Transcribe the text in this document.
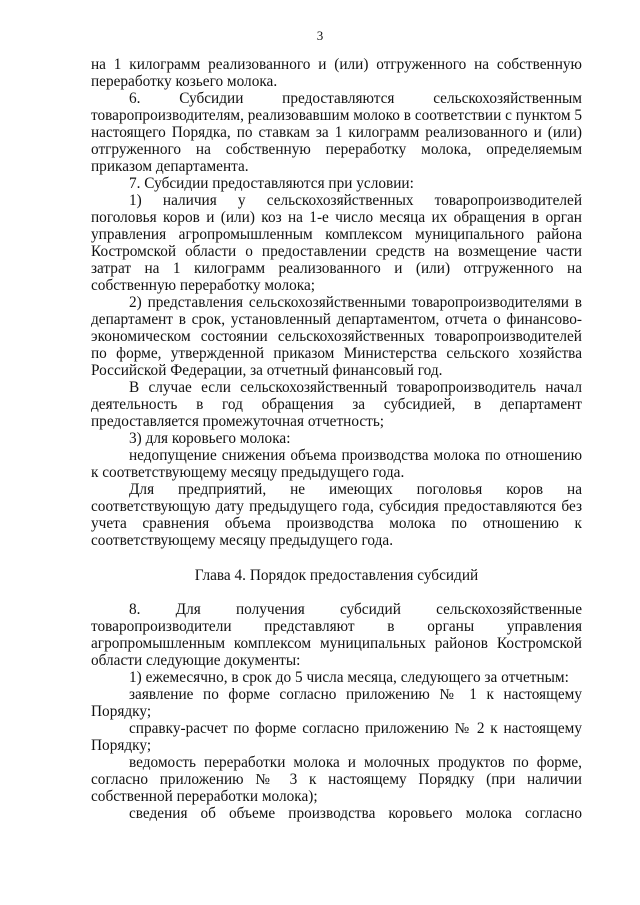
3

на 1 килограмм реализованного и (или) отгруженного на собственную переработку козьего молока.

6. Субсидии предоставляются сельскохозяйственным товаропроизводителям, реализовавшим молоко в соответствии с пунктом 5 настоящего Порядка, по ставкам за 1 килограмм реализованного и (или) отгруженного на собственную переработку молока, определяемым приказом департамента.

7. Субсидии предоставляются при условии:

1) наличия у сельскохозяйственных товаропроизводителей поголовья коров и (или) коз на 1-е число месяца их обращения в орган управления агропромышленным комплексом муниципального района Костромской области о предоставлении средств на возмещение части затрат на 1 килограмм реализованного и (или) отгруженного на собственную переработку молока;

2) представления сельскохозяйственными товаропроизводителями в департамент в срок, установленный департаментом, отчета о финансово-экономическом состоянии сельскохозяйственных товаропроизводителей по форме, утвержденной приказом Министерства сельского хозяйства Российской Федерации, за отчетный финансовый год.

В случае если сельскохозяйственный товаропроизводитель начал деятельность в год обращения за субсидией, в департамент предоставляется промежуточная отчетность;

3) для коровьего молока:

недопущение снижения объема производства молока по отношению к соответствующему месяцу предыдущего года.

Для предприятий, не имеющих поголовья коров на соответствующую дату предыдущего года, субсидия предоставляются без учета сравнения объема производства молока по отношению к соответствующему месяцу предыдущего года.

Глава 4. Порядок предоставления субсидий

8. Для получения субсидий сельскохозяйственные товаропроизводители представляют в органы управления агропромышленным комплексом муниципальных районов Костромской области следующие документы:

1) ежемесячно, в срок до 5 числа месяца, следующего за отчетным:

заявление по форме согласно приложению № 1 к настоящему Порядку;

справку-расчет по форме согласно приложению № 2 к настоящему Порядку;

ведомость переработки молока и молочных продуктов по форме, согласно приложению № 3 к настоящему Порядку (при наличии собственной переработки молока);

сведения об объеме производства коровьего молока согласно
